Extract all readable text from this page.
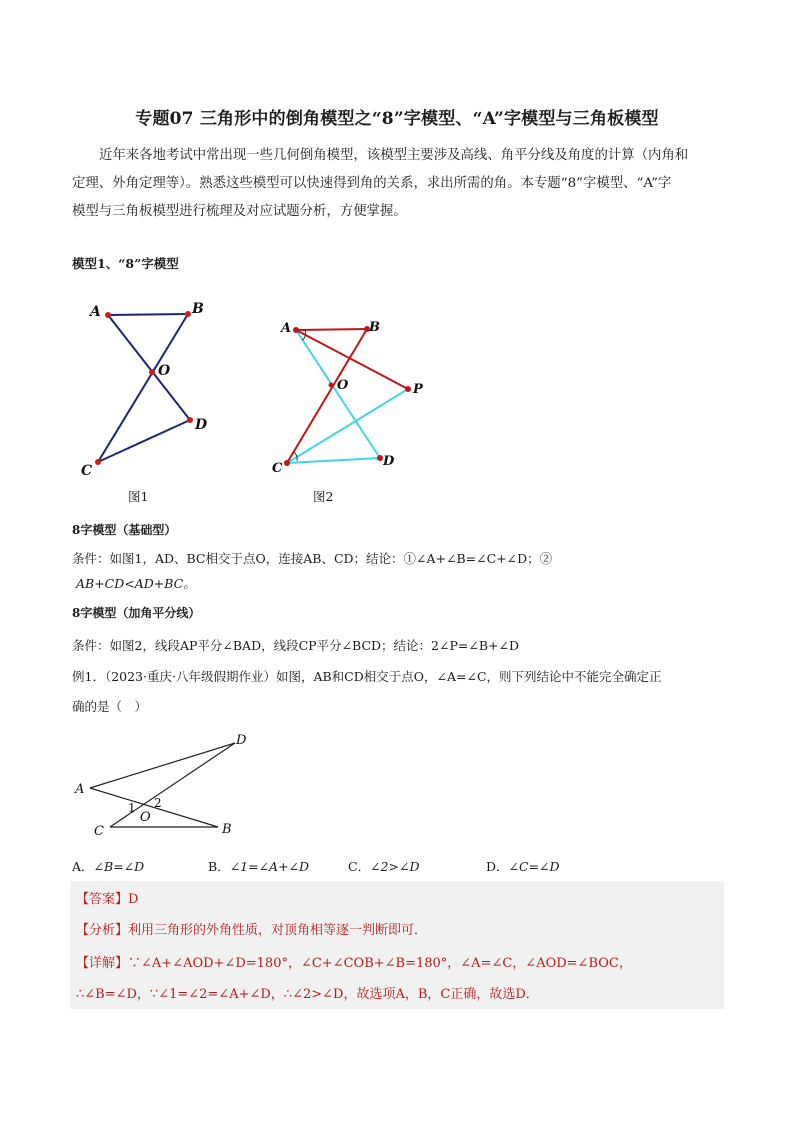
专题07 三角形中的倒角模型之“8”字模型、“A”字模型与三角板模型
近年来各地考试中常出现一些几何倒角模型，该模型主要涉及高线、角平分线及角度的计算（内角和
定理、外角定理等）。熟悉这些模型可以快速得到角的关系，求出所需的角。本专题“8”字模型、“A”字
模型与三角板模型进行梳理及对应试题分析，方便掌握。
模型1、“8”字模型
A	B
O
D
C
图1
A	B
O	P
C	D
图2
8字模型（基础型）
条件：如图1，AD、BC相交于点O，连接AB、CD；结论：①∠A+∠B=∠C+∠D；②
AB+CD<AD+BC。
8字模型（加角平分线）
条件：如图2，线段AP平分∠BAD，线段CP平分∠BCD；结论：2∠P=∠B+∠D
例1．（2023·重庆·八年级假期作业）如图，AB和CD相交于点O，∠A=∠C，则下列结论中不能完全确定正
确的是（　）
D
A
C	B
O
1 2
A．∠B=∠D	B．∠1=∠A+∠D	C．∠2>∠D	D．∠C=∠D
【答案】D
【分析】利用三角形的外角性质，对顶角相等逐一判断即可．
【详解】∵∠A+∠AOD+∠D=180°，∠C+∠COB+∠B=180°，∠A=∠C，∠AOD=∠BOC，
∴∠B=∠D，∵∠1=∠2=∠A+∠D，∴∠2>∠D，故选项A，B，C正确，故选D．
